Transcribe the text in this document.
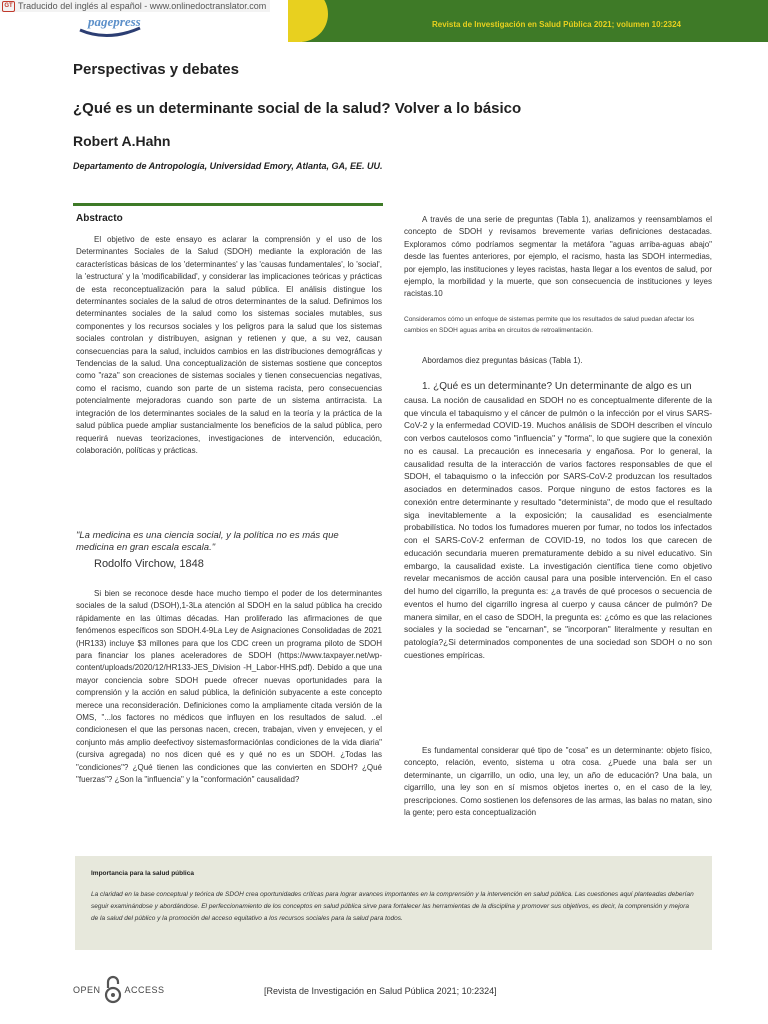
GT Traducido del inglés al español - www.onlinedoctranslator.com
pagepress	Revista de Investigación en Salud Pública 2021; volumen 10:2324
Perspectivas y debates
¿Qué es un determinante social de la salud? Volver a lo básico
Robert A.Hahn
Departamento de Antropología, Universidad Emory, Atlanta, GA, EE. UU.
Abstracto
El objetivo de este ensayo es aclarar la comprensión y el uso de los Determinantes Sociales de la Salud (SDOH) mediante la exploración de las características básicas de los 'determinantes' y las 'causas fundamentales', lo 'social', la 'estructura' y la 'modificabilidad', y considerar las implicaciones teóricas y prácticas de esta reconceptualización para la salud pública. El análisis distingue los determinantes sociales de la salud de otros determinantes de la salud. Definimos los determinantes sociales de la salud como los sistemas sociales mutables, sus componentes y los recursos sociales y los peligros para la salud que los sistemas sociales controlan y distribuyen, asignan y retienen y que, a su vez, causan consecuencias para la salud, incluidos cambios en las distribuciones demográficas y Tendencias de la salud. Una conceptualización de sistemas sostiene que conceptos como "raza" son creaciones de sistemas sociales y tienen consecuencias negativas, como el racismo, cuando son parte de un sistema racista, pero consecuencias potencialmente mejoradoras cuando son parte de un sistema antirracista. La integración de los determinantes sociales de la salud en la teoría y la práctica de la salud pública puede ampliar sustancialmente los beneficios de la salud pública, pero requerirá nuevas teorizaciones, investigaciones de intervención, educación, colaboración, políticas y prácticas.
"La medicina es una ciencia social, y la política no es más que medicina en gran escala escala."
Rodolfo Virchow, 1848
Si bien se reconoce desde hace mucho tiempo el poder de los determinantes sociales de la salud (DSOH),1-3La atención al SDOH en la salud pública ha crecido rápidamente en las últimas décadas. Han proliferado las afirmaciones de que fenómenos específicos son SDOH.4-9La Ley de Asignaciones Consolidadas de 2021 (HR133) incluye $3 millones para que los CDC creen un programa piloto de SDOH para financiar los planes aceleradores de SDOH (https://www.taxpayer.net/wp-content/uploads/2020/12/HR133-JES_Division -H_Labor-HHS.pdf). Debido a que una mayor conciencia sobre SDOH puede ofrecer nuevas oportunidades para la comprensión y la acción en salud pública, la definición subyacente a este concepto merece una reconsideración. Definiciones como la ampliamente citada versión de la OMS, "...los factores no médicos que influyen en los resultados de salud. ..el condicionesen el que las personas nacen, crecen, trabajan, viven y envejecen, y el conjunto más amplio deefectivoy sistemasformaciónlas condiciones de la vida diaria" (cursiva agregada) no nos dicen qué es y qué no es un SDOH. ¿Todas las "condiciones"? ¿Qué tienen las condiciones que las convierten en SDOH? ¿Qué "fuerzas"? ¿Son la "influencia" y la "conformación" causalidad?
A través de una serie de preguntas (Tabla 1), analizamos y reensamblamos el concepto de SDOH y revisamos brevemente varias definiciones destacadas. Exploramos cómo podríamos segmentar la metáfora "aguas arriba-aguas abajo" desde las fuentes anteriores, por ejemplo, el racismo, hasta las SDOH intermedias, por ejemplo, las instituciones y leyes racistas, hasta llegar a los eventos de salud, por ejemplo, la morbilidad y la muerte, que son consecuencia de instituciones y leyes racistas.10
Consideramos cómo un enfoque de sistemas permite que los resultados de salud puedan afectar los cambios en SDOH aguas arriba en circuitos de retroalimentación.
Abordamos diez preguntas básicas (Tabla 1).
1. ¿Qué es un determinante? Un determinante de algo es un
causa. La noción de causalidad en SDOH no es conceptualmente diferente de la que vincula el tabaquismo y el cáncer de pulmón o la infección por el virus SARS-CoV-2 y la enfermedad COVID-19. Muchos análisis de SDOH describen el vínculo con verbos cautelosos como "influencia" y "forma", lo que sugiere que la conexión no es causal. La precaución es innecesaria y engañosa. Por lo general, la causalidad resulta de la interacción de varios factores responsables de que el SDOH, el tabaquismo o la infección por SARS-CoV-2 produzcan los resultados asociados en determinados casos. Porque ninguno de estos factores es la conexión entre determinante y resultado "determinista", de modo que el resultado siga inevitablemente a la exposición; la causalidad es esencialmente probabilística. No todos los fumadores mueren por fumar, no todos los infectados con el SARS-CoV-2 enferman de COVID-19, no todos los que carecen de educación secundaria mueren prematuramente debido a su nivel educativo. Sin embargo, la causalidad existe. La investigación científica tiene como objetivo revelar mecanismos de acción causal para una posible intervención. En el caso del humo del cigarrillo, la pregunta es: ¿a través de qué procesos o secuencia de eventos el humo del cigarrillo ingresa al cuerpo y causa cáncer de pulmón? De manera similar, en el caso de SDOH, la pregunta es: ¿cómo es que las relaciones sociales y la sociedad se "encarnan", se "incorporan" literalmente y resultan en patología?¿Si determinados componentes de una sociedad son SDOH o no son cuestiones empíricas.
Es fundamental considerar qué tipo de "cosa" es un determinante: objeto físico, concepto, relación, evento, sistema u otra cosa. ¿Puede una bala ser un determinante, un cigarrillo, un odio, una ley, un año de educación? Una bala, un cigarrillo, una ley son en sí mismos objetos inertes o, en el caso de la ley, prescripciones. Como sostienen los defensores de las armas, las balas no matan, sino la gente; pero esta conceptualización
Importancia para la salud pública
La claridad en la base conceptual y teórica de SDOH crea oportunidades críticas para lograr avances importantes en la comprensión y la intervención en salud pública. Las cuestiones aquí planteadas deberían seguir examinándose y abordándose. El perfeccionamiento de los conceptos en salud pública sirve para fortalecer las herramientas de la disciplina y promover sus objetivos, es decir, la comprensión y mejora de la salud del público y la promoción del acceso equitativo a los recursos sociales para la salud para todos.
OPEN	ACCESS	[Revista de Investigación en Salud Pública 2021; 10:2324]
